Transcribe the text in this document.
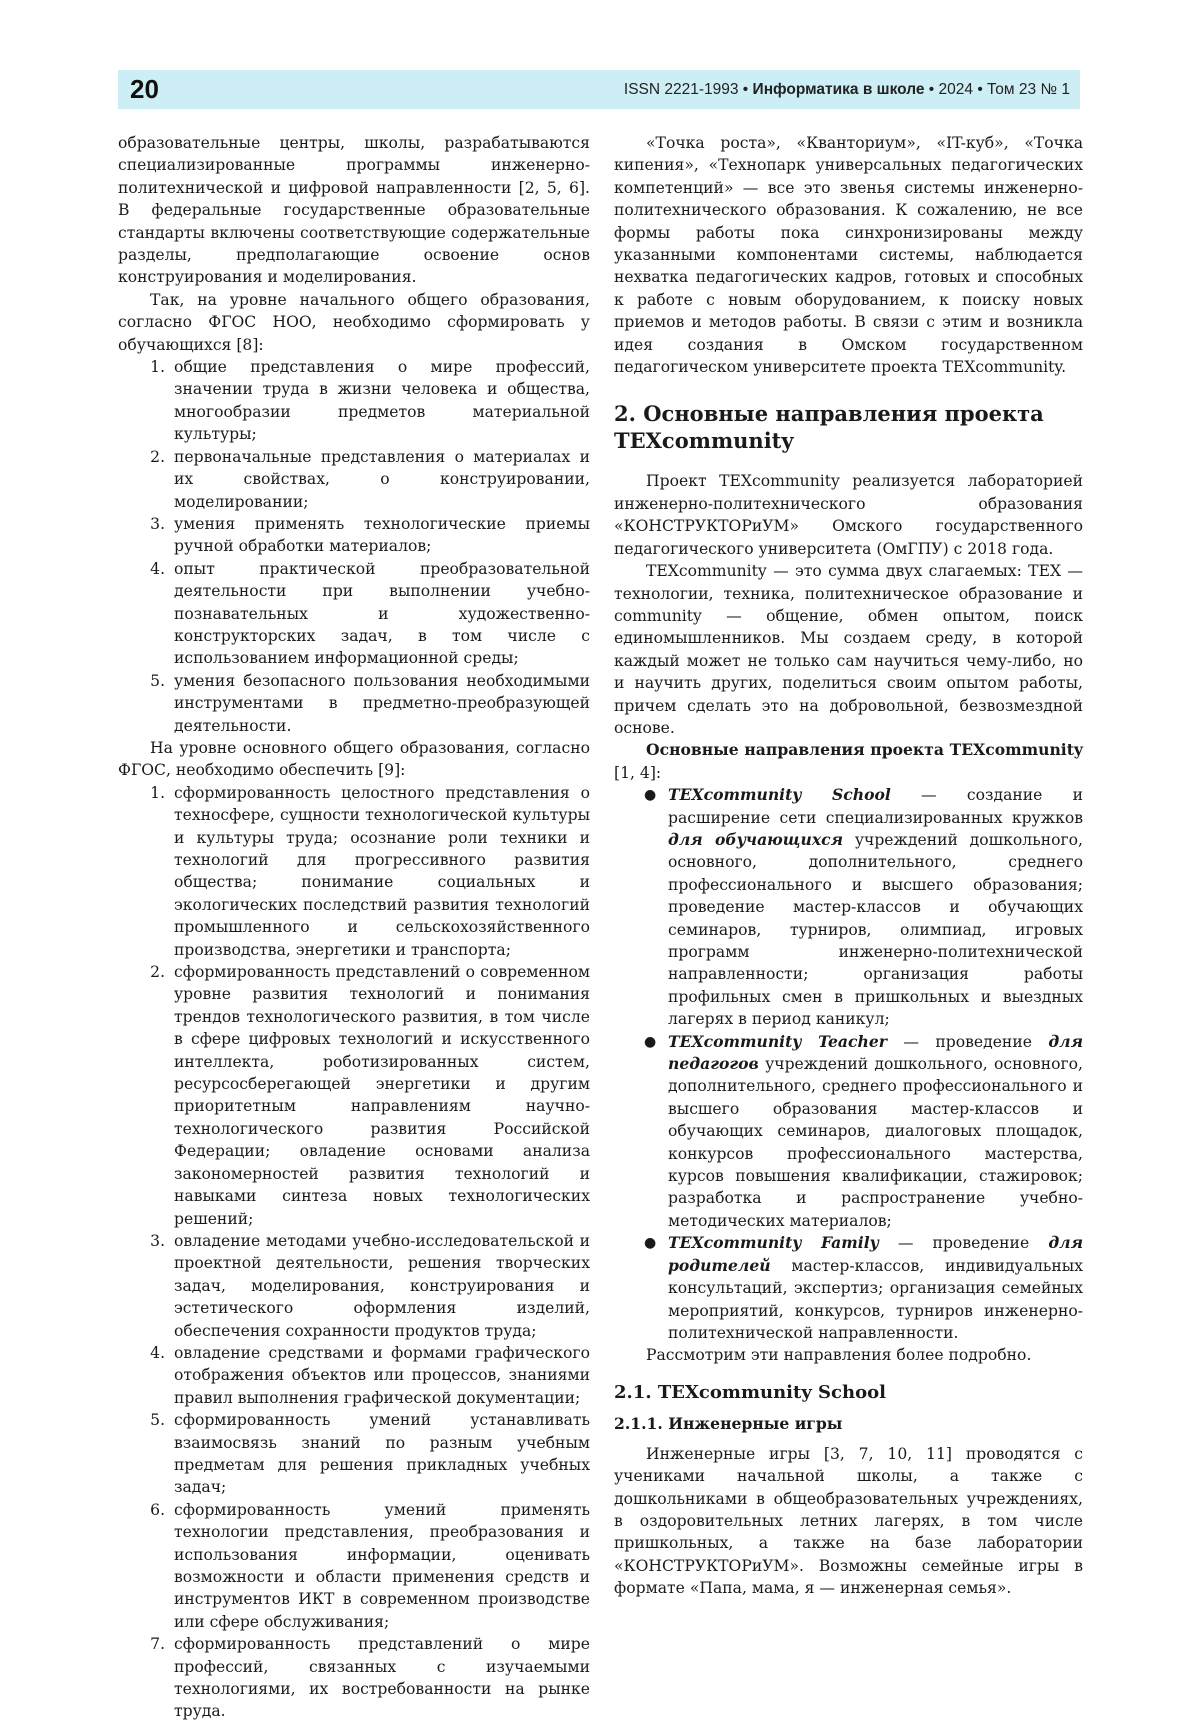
20	ISSN 2221-1993 • Информатика в школе • 2024 • Том 23 № 1

образовательные центры, школы, разрабатываются специализированные программы инженерно-политехнической и цифровой направленности [2, 5, 6]. В федеральные государственные образовательные стандарты включены соответствующие содержательные разделы, предполагающие освоение основ конструирования и моделирования.

Так, на уровне начального общего образования, согласно ФГОС НОО, необходимо сформировать у обучающихся [8]:

1. общие представления о мире профессий, значении труда в жизни человека и общества, многообразии предметов материальной культуры;
2. первоначальные представления о материалах и их свойствах, о конструировании, моделировании;
3. умения применять технологические приемы ручной обработки материалов;
4. опыт практической преобразовательной деятельности при выполнении учебно-познавательных и художественно-конструкторских задач, в том числе с использованием информационной среды;
5. умения безопасного пользования необходимыми инструментами в предметно-преобразующей деятельности.

На уровне основного общего образования, согласно ФГОС, необходимо обеспечить [9]:

1. сформированность целостного представления о техносфере, сущности технологической культуры и культуры труда; осознание роли техники и технологий для прогрессивного развития общества; понимание социальных и экологических последствий развития технологий промышленного и сельскохозяйственного производства, энергетики и транспорта;
2. сформированность представлений о современном уровне развития технологий и понимания трендов технологического развития, в том числе в сфере цифровых технологий и искусственного интеллекта, роботизированных систем, ресурсосберегающей энергетики и другим приоритетным направлениям научно-технологического развития Российской Федерации; овладение основами анализа закономерностей развития технологий и навыками синтеза новых технологических решений;
3. овладение методами учебно-исследовательской и проектной деятельности, решения творческих задач, моделирования, конструирования и эстетического оформления изделий, обеспечения сохранности продуктов труда;
4. овладение средствами и формами графического отображения объектов или процессов, знаниями правил выполнения графической документации;
5. сформированность умений устанавливать взаимосвязь знаний по разным учебным предметам для решения прикладных учебных задач;
6. сформированность умений применять технологии представления, преобразования и использования информации, оценивать возможности и области применения средств и инструментов ИКТ в современном производстве или сфере обслуживания;
7. сформированность представлений о мире профессий, связанных с изучаемыми технологиями, их востребованности на рынке труда.

«Точка роста», «Кванториум», «IT-куб», «Точка кипения», «Технопарк универсальных педагогических компетенций» — все это звенья системы инженерно-политехнического образования. К сожалению, не все формы работы пока синхронизированы между указанными компонентами системы, наблюдается нехватка педагогических кадров, готовых и способных к работе с новым оборудованием, к поиску новых приемов и методов работы. В связи с этим и возникла идея создания в Омском государственном педагогическом университете проекта TEXcommunity.

2. Основные направления проекта TEXcommunity

Проект TEXcommunity реализуется лабораторией инженерно-политехнического образования «КОНСТРУКТОРиУМ» Омского государственного педагогического университета (ОмГПУ) с 2018 года.

TEXcommunity — это сумма двух слагаемых: TEX — технологии, техника, политехническое образование и community — общение, обмен опытом, поиск единомышленников. Мы создаем среду, в которой каждый может не только сам научиться чему-либо, но и научить других, поделиться своим опытом работы, причем сделать это на добровольной, безвозмездной основе.

Основные направления проекта TEXcommunity [1, 4]:

● TEXcommunity School — создание и расширение сети специализированных кружков для обучающихся учреждений дошкольного, основного, дополнительного, среднего профессионального и высшего образования; проведение мастер-классов и обучающих семинаров, турниров, олимпиад, игровых программ инженерно-политехнической направленности; организация работы профильных смен в пришкольных и выездных лагерях в период каникул;
● TEXcommunity Teacher — проведение для педагогов учреждений дошкольного, основного, дополнительного, среднего профессионального и высшего образования мастер-классов и обучающих семинаров, диалоговых площадок, конкурсов профессионального мастерства, курсов повышения квалификации, стажировок; разработка и распространение учебно-методических материалов;
● TEXcommunity Family — проведение для родителей мастер-классов, индивидуальных консультаций, экспертиз; организация семейных мероприятий, конкурсов, турниров инженерно-политехнической направленности.

Рассмотрим эти направления более подробно.

2.1. TEXcommunity School
2.1.1. Инженерные игры

Инженерные игры [3, 7, 10, 11] проводятся с учениками начальной школы, а также с дошкольниками в общеобразовательных учреждениях, в оздоровительных летних лагерях, в том числе пришкольных, а также на базе лаборатории «КОНСТРУКТОРиУМ». Возможны семейные игры в формате «Папа, мама, я — инженерная семья».
